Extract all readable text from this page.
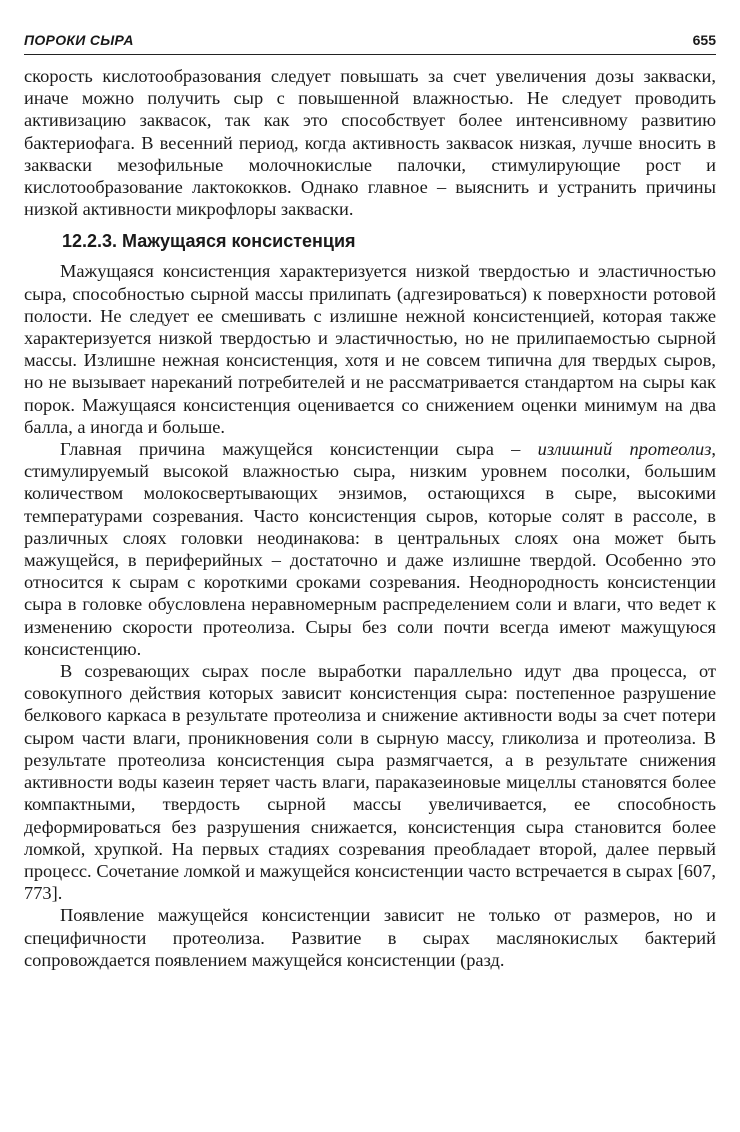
ПОРОКИ СЫРА	655

скорость кислотообразования следует повышать за счет увеличения дозы закваски, иначе можно получить сыр с повышенной влажностью. Не следует проводить активизацию заквасок, так как это способствует более интенсивному развитию бактериофага. В весенний период, когда активность заквасок низкая, лучше вносить в закваски мезофильные молочнокислые палочки, стимулирующие рост и кислотообразование лактококков. Однако главное – выяснить и устранить причины низкой активности микрофлоры закваски.

12.2.3. Мажущаяся консистенция

Мажущаяся консистенция характеризуется низкой твердостью и эластичностью сыра, способностью сырной массы прилипать (адгезироваться) к поверхности ротовой полости. Не следует ее смешивать с излишне нежной консистенцией, которая также характеризуется низкой твердостью и эластичностью, но не прилипаемостью сырной массы. Излишне нежная консистенция, хотя и не совсем типична для твердых сыров, но не вызывает нареканий потребителей и не рассматривается стандартом на сыры как порок. Мажущаяся консистенция оценивается со снижением оценки минимум на два балла, а иногда и больше.

Главная причина мажущейся консистенции сыра – излишний протеолиз, стимулируемый высокой влажностью сыра, низким уровнем посолки, большим количеством молокосвертывающих энзимов, остающихся в сыре, высокими температурами созревания. Часто консистенция сыров, которые солят в рассоле, в различных слоях головки неодинакова: в центральных слоях она может быть мажущейся, в периферийных – достаточно и даже излишне твердой. Особенно это относится к сырам с короткими сроками созревания. Неоднородность консистенции сыра в головке обусловлена неравномерным распределением соли и влаги, что ведет к изменению скорости протеолиза. Сыры без соли почти всегда имеют мажущуюся консистенцию.

В созревающих сырах после выработки параллельно идут два процесса, от совокупного действия которых зависит консистенция сыра: постепенное разрушение белкового каркаса в результате протеолиза и снижение активности воды за счет потери сыром части влаги, проникновения соли в сырную массу, гликолиза и протеолиза. В результате протеолиза консистенция сыра размягчается, а в результате снижения активности воды казеин теряет часть влаги, параказеиновые мицеллы становятся более компактными, твердость сырной массы увеличивается, ее способность деформироваться без разрушения снижается, консистенция сыра становится более ломкой, хрупкой. На первых стадиях созревания преобладает второй, далее первый процесс. Сочетание ломкой и мажущейся консистенции часто встречается в сырах [607, 773].

Появление мажущейся консистенции зависит не только от размеров, но и специфичности протеолиза. Развитие в сырах маслянокислых бактерий сопровождается появлением мажущейся консистенции (разд.
